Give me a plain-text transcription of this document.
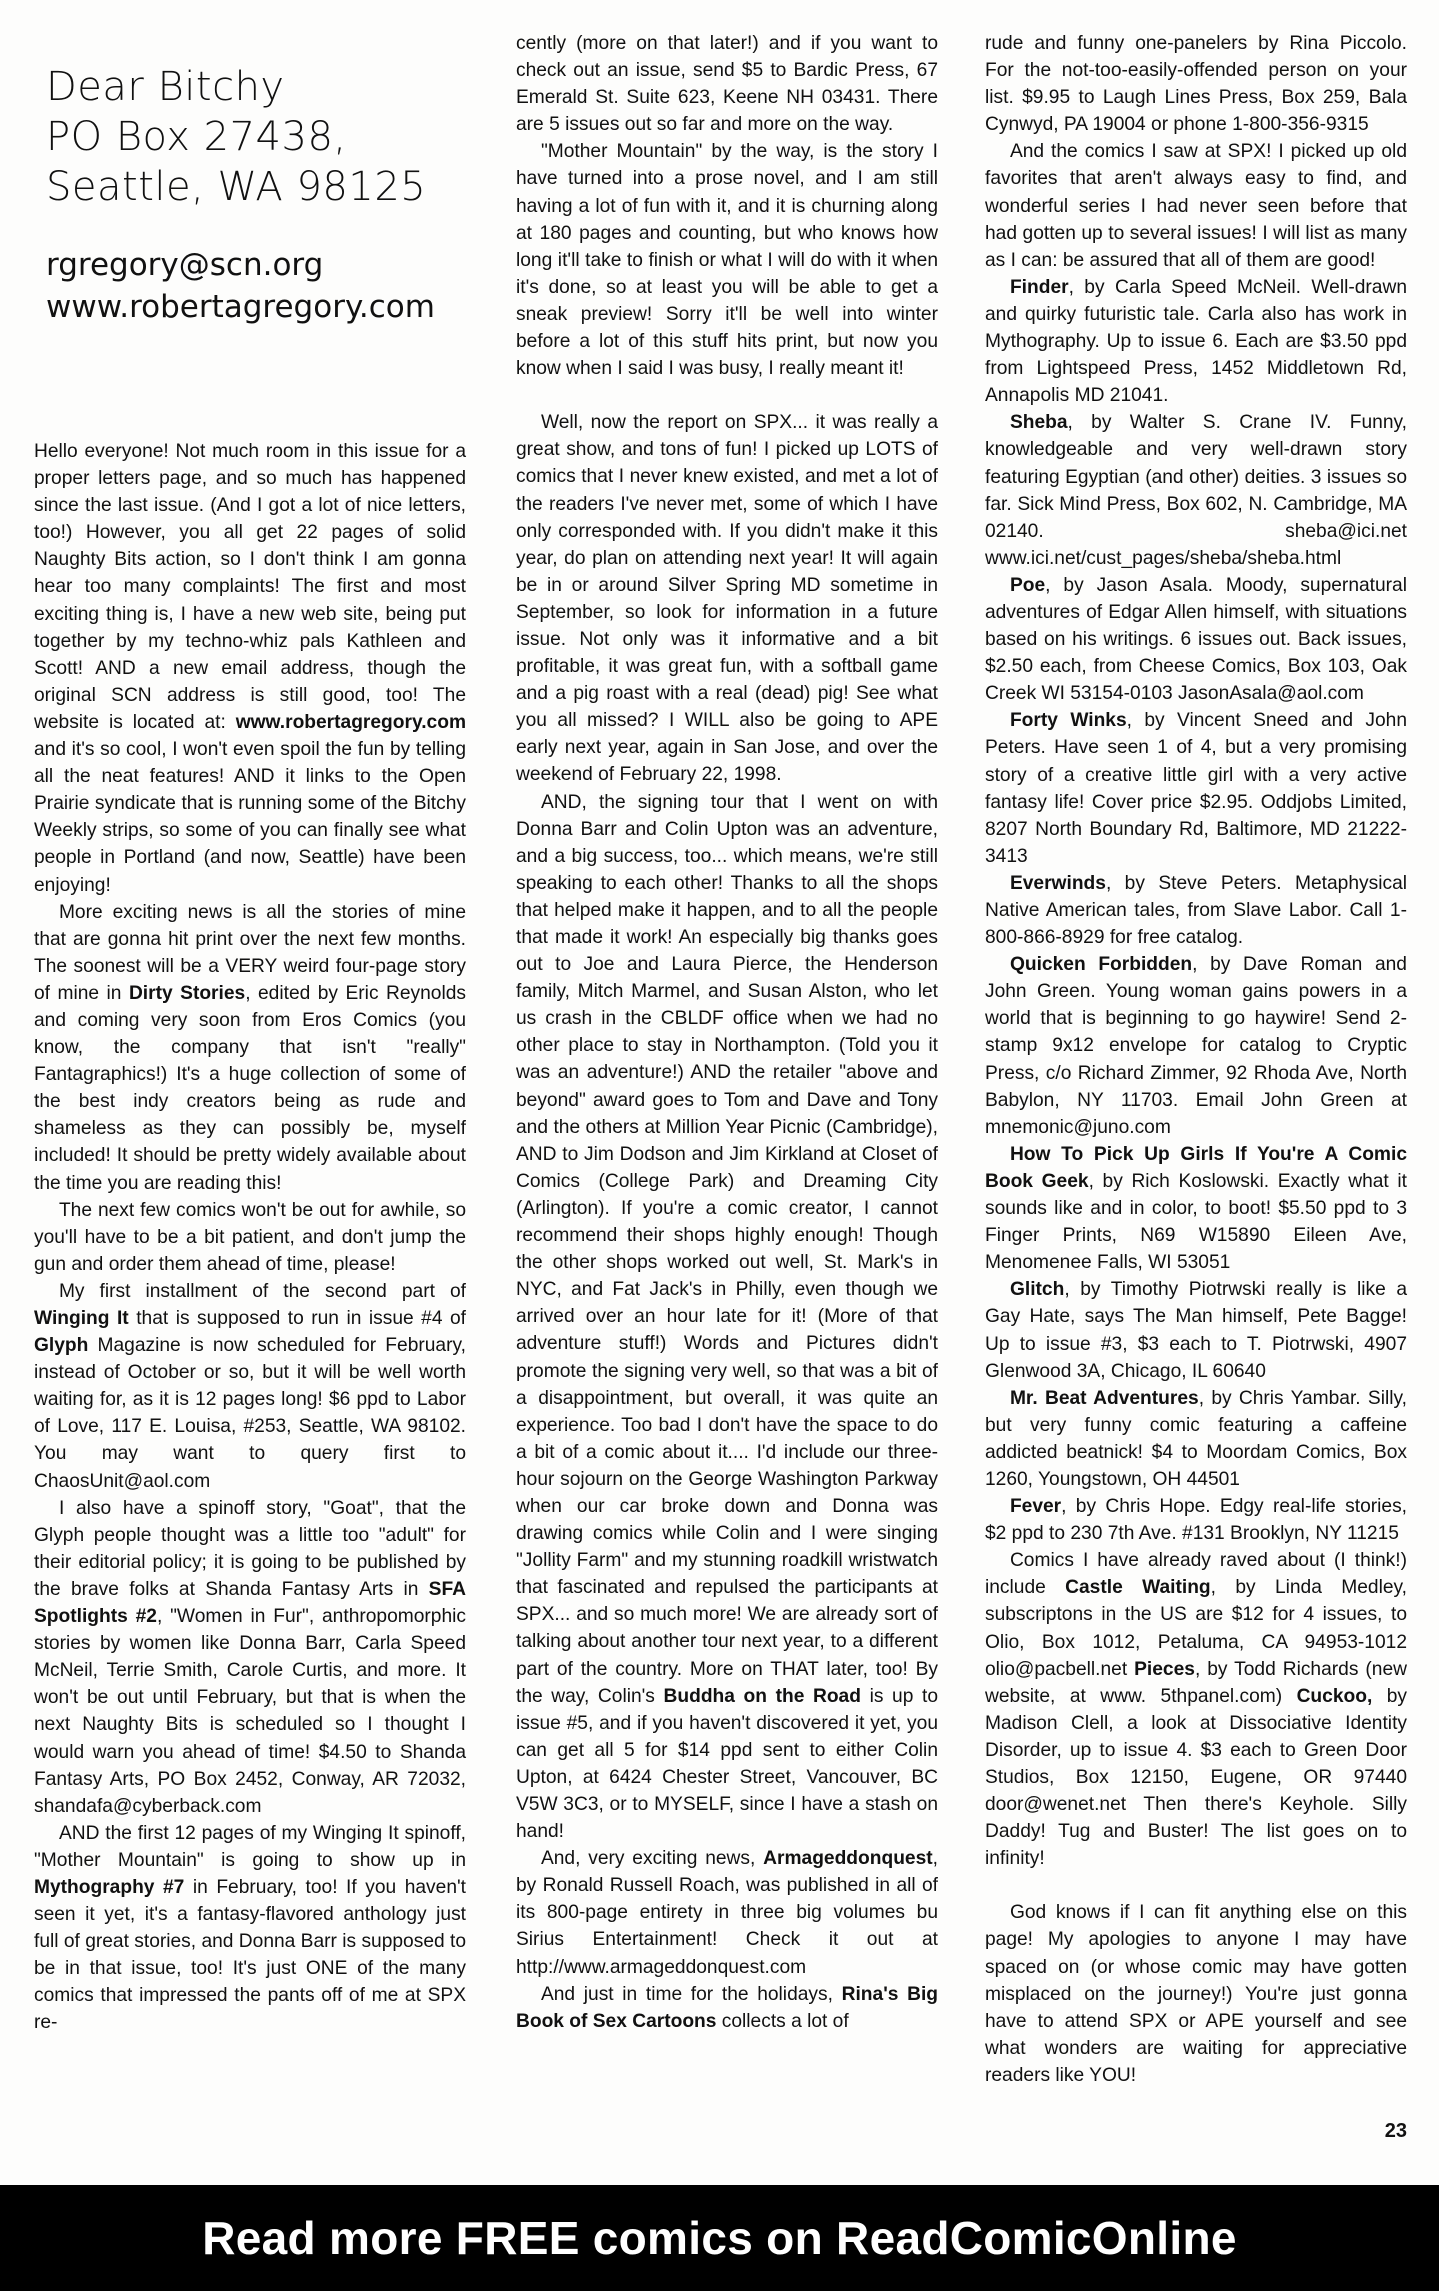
Dear Bitchy
PO Box 27438,
Seattle, WA 98125
rgregory@scn.org
www.robertagregory.com

Hello everyone! Not much room in this issue for a proper letters page, and so much has happened since the last issue. (And I got a lot of nice letters, too!) However, you all get 22 pages of solid Naughty Bits action, so I don't think I am gonna hear too many complaints! The first and most exciting thing is, I have a new web site, being put together by my techno-whiz pals Kathleen and Scott! AND a new email address, though the original SCN address is still good, too! The website is located at: www.robertagregory.com and it's so cool, I won't even spoil the fun by telling all the neat features! AND it links to the Open Prairie syndicate that is running some of the Bitchy Weekly strips, so some of you can finally see what people in Portland (and now, Seattle) have been enjoying!

More exciting news is all the stories of mine that are gonna hit print over the next few months. The soonest will be a VERY weird four-page story of mine in Dirty Stories, edited by Eric Reynolds and coming very soon from Eros Comics (you know, the company that isn't "really" Fantagraphics!) It's a huge collection of some of the best indy creators being as rude and shameless as they can possibly be, myself included! It should be pretty widely available about the time you are reading this!

The next few comics won't be out for awhile, so you'll have to be a bit patient, and don't jump the gun and order them ahead of time, please!

My first installment of the second part of Winging It that is supposed to run in issue #4 of Glyph Magazine is now scheduled for February, instead of October or so, but it will be well worth waiting for, as it is 12 pages long! $6 ppd to Labor of Love, 117 E. Louisa, #253, Seattle, WA 98102. You may want to query first to ChaosUnit@aol.com

I also have a spinoff story, "Goat", that the Glyph people thought was a little too "adult" for their editorial policy; it is going to be published by the brave folks at Shanda Fantasy Arts in SFA Spotlights #2, "Women in Fur", anthropomorphic stories by women like Donna Barr, Carla Speed McNeil, Terrie Smith, Carole Curtis, and more. It won't be out until February, but that is when the next Naughty Bits is scheduled so I thought I would warn you ahead of time! $4.50 to Shanda Fantasy Arts, PO Box 2452, Conway, AR 72032, shandafa@cyberback.com

AND the first 12 pages of my Winging It spinoff, "Mother Mountain" is going to show up in Mythography #7 in February, too! If you haven't seen it yet, it's a fantasy-flavored anthology just full of great stories, and Donna Barr is supposed to be in that issue, too! It's just ONE of the many comics that impressed the pants off of me at SPX re-

cently (more on that later!) and if you want to check out an issue, send $5 to Bardic Press, 67 Emerald St. Suite 623, Keene NH 03431. There are 5 issues out so far and more on the way.

"Mother Mountain" by the way, is the story I have turned into a prose novel, and I am still having a lot of fun with it, and it is churning along at 180 pages and counting, but who knows how long it'll take to finish or what I will do with it when it's done, so at least you will be able to get a sneak preview! Sorry it'll be well into winter before a lot of this stuff hits print, but now you know when I said I was busy, I really meant it!

Well, now the report on SPX... it was really a great show, and tons of fun! I picked up LOTS of comics that I never knew existed, and met a lot of the readers I've never met, some of which I have only corresponded with. If you didn't make it this year, do plan on attending next year! It will again be in or around Silver Spring MD sometime in September, so look for information in a future issue. Not only was it informative and a bit profitable, it was great fun, with a softball game and a pig roast with a real (dead) pig! See what you all missed? I WILL also be going to APE early next year, again in San Jose, and over the weekend of February 22, 1998.

AND, the signing tour that I went on with Donna Barr and Colin Upton was an adventure, and a big success, too... which means, we're still speaking to each other! Thanks to all the shops that helped make it happen, and to all the people that made it work! An especially big thanks goes out to Joe and Laura Pierce, the Henderson family, Mitch Marmel, and Susan Alston, who let us crash in the CBLDF office when we had no other place to stay in Northampton. (Told you it was an adventure!) AND the retailer "above and beyond" award goes to Tom and Dave and Tony and the others at Million Year Picnic (Cambridge), AND to Jim Dodson and Jim Kirkland at Closet of Comics (College Park) and Dreaming City (Arlington). If you're a comic creator, I cannot recommend their shops highly enough! Though the other shops worked out well, St. Mark's in NYC, and Fat Jack's in Philly, even though we arrived over an hour late for it! (More of that adventure stuff!) Words and Pictures didn't promote the signing very well, so that was a bit of a disappointment, but overall, it was quite an experience. Too bad I don't have the space to do a bit of a comic about it.... I'd include our three-hour sojourn on the George Washington Parkway when our car broke down and Donna was drawing comics while Colin and I were singing "Jollity Farm" and my stunning roadkill wristwatch that fascinated and repulsed the participants at SPX... and so much more! We are already sort of talking about another tour next year, to a different part of the country. More on THAT later, too! By the way, Colin's Buddha on the Road is up to issue #5, and if you haven't discovered it yet, you can get all 5 for $14 ppd sent to either Colin Upton, at 6424 Chester Street, Vancouver, BC V5W 3C3, or to MYSELF, since I have a stash on hand!

And, very exciting news, Armageddonquest, by Ronald Russell Roach, was published in all of its 800-page entirety in three big volumes bu Sirius Entertainment! Check it out at http://www.armageddonquest.com

And just in time for the holidays, Rina's Big Book of Sex Cartoons collects a lot of

rude and funny one-panelers by Rina Piccolo. For the not-too-easily-offended person on your list. $9.95 to Laugh Lines Press, Box 259, Bala Cynwyd, PA 19004 or phone 1-800-356-9315

And the comics I saw at SPX! I picked up old favorites that aren't always easy to find, and wonderful series I had never seen before that had gotten up to several issues! I will list as many as I can: be assured that all of them are good!

Finder, by Carla Speed McNeil. Well-drawn and quirky futuristic tale. Carla also has work in Mythography. Up to issue 6. Each are $3.50 ppd from Lightspeed Press, 1452 Middletown Rd, Annapolis MD 21041.

Sheba, by Walter S. Crane IV. Funny, knowledgeable and very well-drawn story featuring Egyptian (and other) deities. 3 issues so far. Sick Mind Press, Box 602, N. Cambridge, MA 02140. sheba@ici.net www.ici.net/cust_pages/sheba/sheba.html

Poe, by Jason Asala. Moody, supernatural adventures of Edgar Allen himself, with situations based on his writings. 6 issues out. Back issues, $2.50 each, from Cheese Comics, Box 103, Oak Creek WI 53154-0103 JasonAsala@aol.com

Forty Winks, by Vincent Sneed and John Peters. Have seen 1 of 4, but a very promising story of a creative little girl with a very active fantasy life! Cover price $2.95. Oddjobs Limited, 8207 North Boundary Rd, Baltimore, MD 21222-3413

Everwinds, by Steve Peters. Metaphysical Native American tales, from Slave Labor. Call 1-800-866-8929 for free catalog.

Quicken Forbidden, by Dave Roman and John Green. Young woman gains powers in a world that is beginning to go haywire! Send 2-stamp 9x12 envelope for catalog to Cryptic Press, c/o Richard Zimmer, 92 Rhoda Ave, North Babylon, NY 11703. Email John Green at mnemonic@juno.com

How To Pick Up Girls If You're A Comic Book Geek, by Rich Koslowski. Exactly what it sounds like and in color, to boot! $5.50 ppd to 3 Finger Prints, N69 W15890 Eileen Ave, Menomenee Falls, WI 53051

Glitch, by Timothy Piotrwski really is like a Gay Hate, says The Man himself, Pete Bagge! Up to issue #3, $3 each to T. Piotrwski, 4907 Glenwood 3A, Chicago, IL 60640

Mr. Beat Adventures, by Chris Yambar. Silly, but very funny comic featuring a caffeine addicted beatnick! $4 to Moordam Comics, Box 1260, Youngstown, OH 44501

Fever, by Chris Hope. Edgy real-life stories, $2 ppd to 230 7th Ave. #131 Brooklyn, NY 11215

Comics I have already raved about (I think!) include Castle Waiting, by Linda Medley, subscriptons in the US are $12 for 4 issues, to Olio, Box 1012, Petaluma, CA 94953-1012 olio@pacbell.net Pieces, by Todd Richards (new website, at www. 5thpanel.com) Cuckoo, by Madison Clell, a look at Dissociative Identity Disorder, up to issue 4. $3 each to Green Door Studios, Box 12150, Eugene, OR 97440 door@wenet.net Then there's Keyhole. Silly Daddy! Tug and Buster! The list goes on to infinity!

God knows if I can fit anything else on this page! My apologies to anyone I may have spaced on (or whose comic may have gotten misplaced on the journey!) You're just gonna have to attend SPX or APE yourself and see what wonders are waiting for appreciative readers like YOU!

23
Read more FREE comics on ReadComicOnline
